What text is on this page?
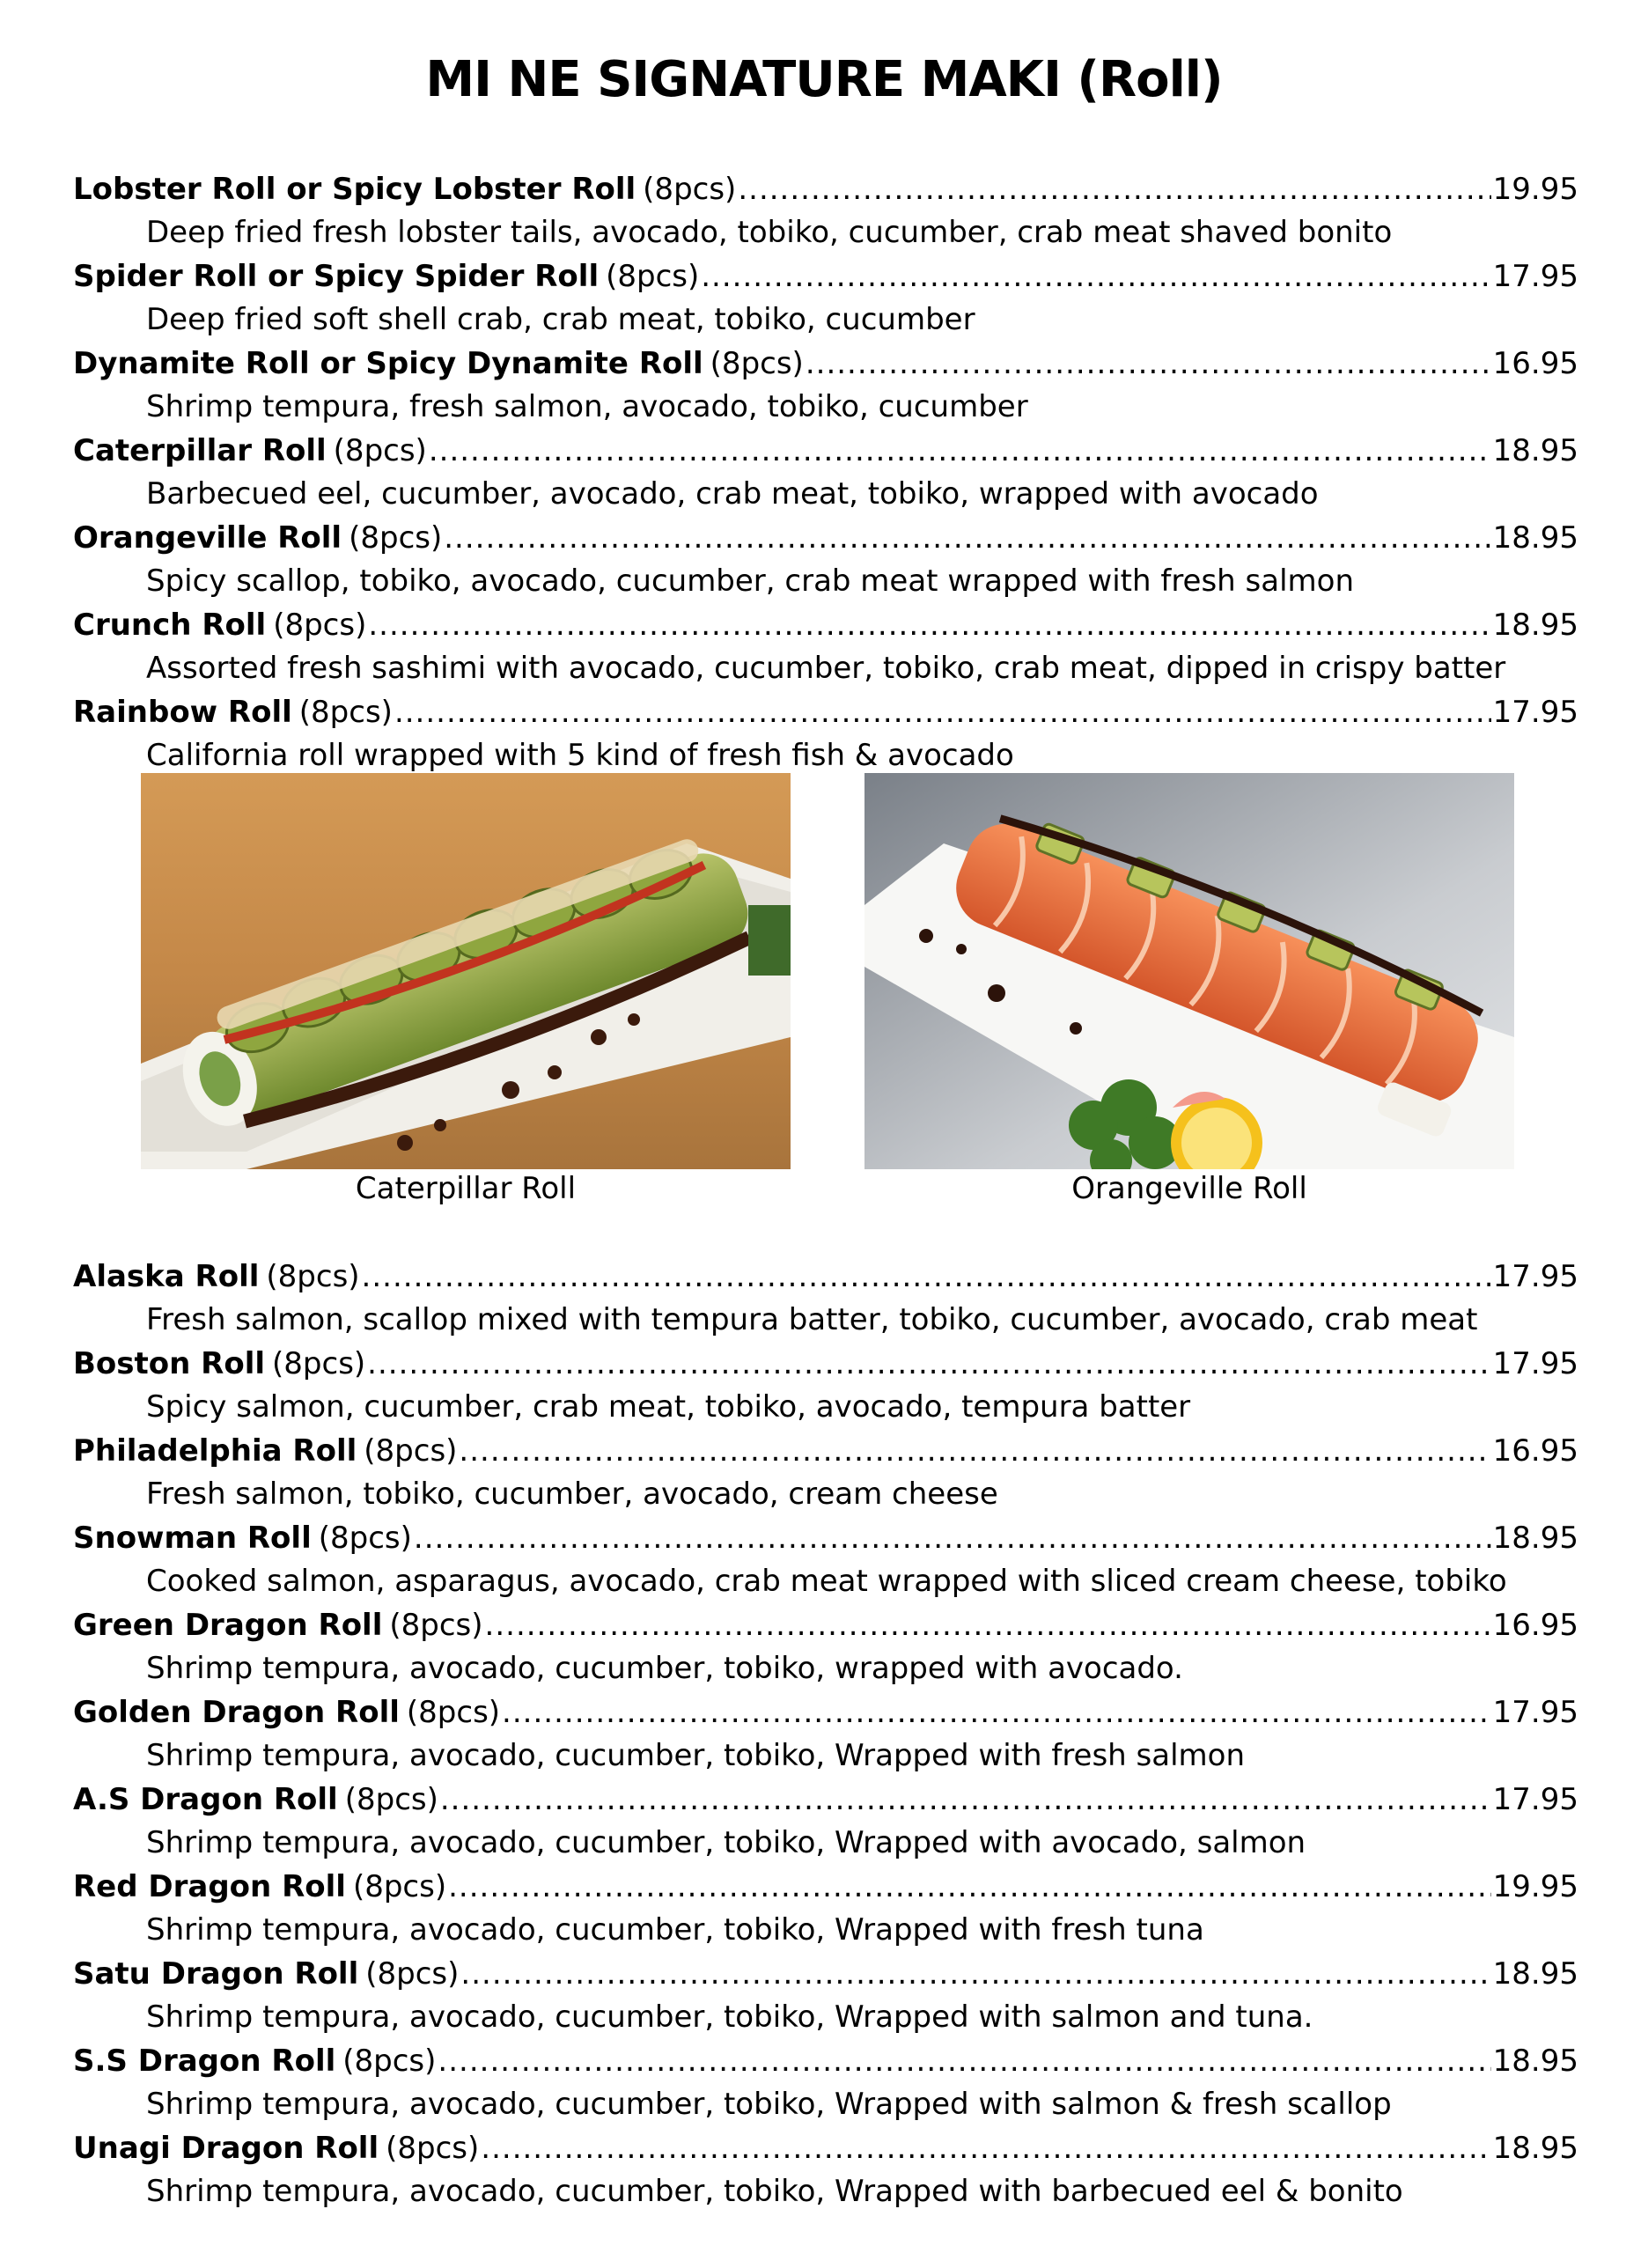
MI NE SIGNATURE MAKI (Roll)
Lobster Roll or Spicy Lobster Roll (8pcs) .....	19.95
Deep fried fresh lobster tails, avocado, tobiko, cucumber, crab meat shaved bonito
Spider Roll or Spicy Spider Roll (8pcs) .....	17.95
Deep fried soft shell crab, crab meat, tobiko, cucumber
Dynamite Roll or Spicy Dynamite Roll (8pcs) .....	16.95
Shrimp tempura, fresh salmon, avocado, tobiko, cucumber
Caterpillar Roll (8pcs) .....	18.95
Barbecued eel, cucumber, avocado, crab meat, tobiko, wrapped with avocado
Orangeville Roll (8pcs) .....	18.95
Spicy scallop, tobiko, avocado, cucumber, crab meat wrapped with fresh salmon
Crunch Roll (8pcs) .....	18.95
Assorted fresh sashimi with avocado, cucumber, tobiko, crab meat, dipped in crispy batter
Rainbow Roll (8pcs) .....	17.95
California roll wrapped with 5 kind of fresh fish & avocado
Caterpillar Roll	Orangeville Roll
Alaska Roll (8pcs) .....	17.95
Fresh salmon, scallop mixed with tempura batter, tobiko, cucumber, avocado, crab meat
Boston Roll (8pcs) .....	17.95
Spicy salmon, cucumber, crab meat, tobiko, avocado, tempura batter
Philadelphia Roll (8pcs) .....	16.95
Fresh salmon, tobiko, cucumber, avocado, cream cheese
Snowman Roll (8pcs) .....	18.95
Cooked salmon, asparagus, avocado, crab meat wrapped with sliced cream cheese, tobiko
Green Dragon Roll (8pcs) .....	16.95
Shrimp tempura, avocado, cucumber, tobiko, wrapped with avocado.
Golden Dragon Roll (8pcs) .....	17.95
Shrimp tempura, avocado, cucumber, tobiko, Wrapped with fresh salmon
A.S Dragon Roll (8pcs) .....	17.95
Shrimp tempura, avocado, cucumber, tobiko, Wrapped with avocado, salmon
Red Dragon Roll (8pcs) .....	19.95
Shrimp tempura, avocado, cucumber, tobiko, Wrapped with fresh tuna
Satu Dragon Roll (8pcs) .....	18.95
Shrimp tempura, avocado, cucumber, tobiko, Wrapped with salmon and tuna.
S.S Dragon Roll (8pcs) .....	18.95
Shrimp tempura, avocado, cucumber, tobiko, Wrapped with salmon & fresh scallop
Unagi Dragon Roll (8pcs) .....	18.95
Shrimp tempura, avocado, cucumber, tobiko, Wrapped with barbecued eel & bonito
